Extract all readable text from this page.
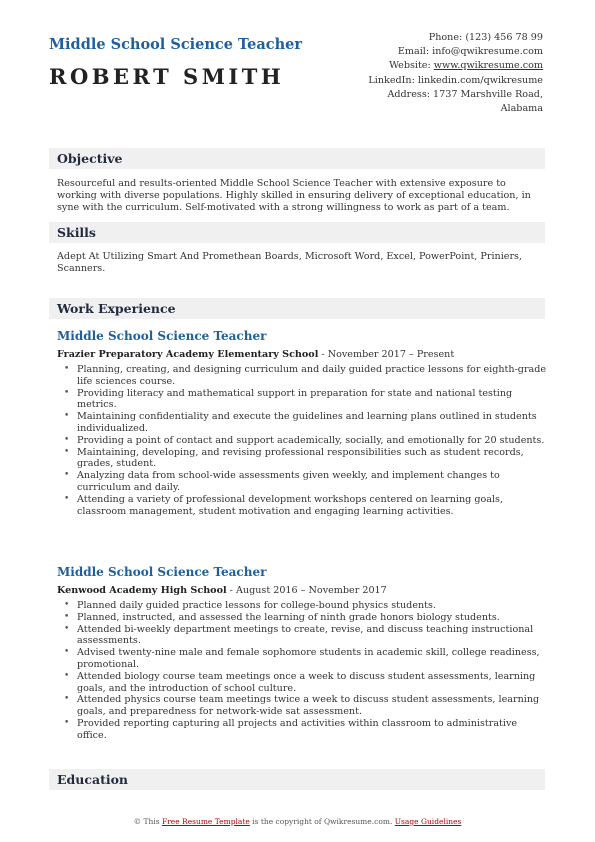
Middle School Science Teacher
ROBERT SMITH
Phone: (123) 456 78 99
Email: info@qwikresume.com
Website: www.qwikresume.com
LinkedIn: linkedin.com/qwikresume
Address: 1737 Marshville Road,
Alabama
Objective
Resourceful and results-oriented Middle School Science Teacher with extensive exposure to working with diverse populations. Highly skilled in ensuring delivery of exceptional education, in syne with the curriculum. Self-motivated with a strong willingness to work as part of a team.
Skills
Adept At Utilizing Smart And Promethean Boards, Microsoft Word, Excel, PowerPoint, Priniers, Scanners.
Work Experience
Middle School Science Teacher
Frazier Preparatory Academy Elementary School - November 2017 – Present
• Planning, creating, and designing curriculum and daily guided practice lessons for eighth-grade life sciences course.
• Providing literacy and mathematical support in preparation for state and national testing metrics.
• Maintaining confidentiality and execute the guidelines and learning plans outlined in students individualized.
• Providing a point of contact and support academically, socially, and emotionally for 20 students.
• Maintaining, developing, and revising professional responsibilities such as student records, grades, student.
• Analyzing data from school-wide assessments given weekly, and implement changes to curriculum and daily.
• Attending a variety of professional development workshops centered on learning goals, classroom management, student motivation and engaging learning activities.
Middle School Science Teacher
Kenwood Academy High School - August 2016 – November 2017
• Planned daily guided practice lessons for college-bound physics students.
• Planned, instructed, and assessed the learning of ninth grade honors biology students.
• Attended bi-weekly department meetings to create, revise, and discuss teaching instructional assessments.
• Advised twenty-nine male and female sophomore students in academic skill, college readiness, promotional.
• Attended biology course team meetings once a week to discuss student assessments, learning goals, and the introduction of school culture.
• Attended physics course team meetings twice a week to discuss student assessments, learning goals, and preparedness for network-wide sat assessment.
• Provided reporting capturing all projects and activities within classroom to administrative office.
Education
© This Free Resume Template is the copyright of Qwikresume.com. Usage Guidelines
